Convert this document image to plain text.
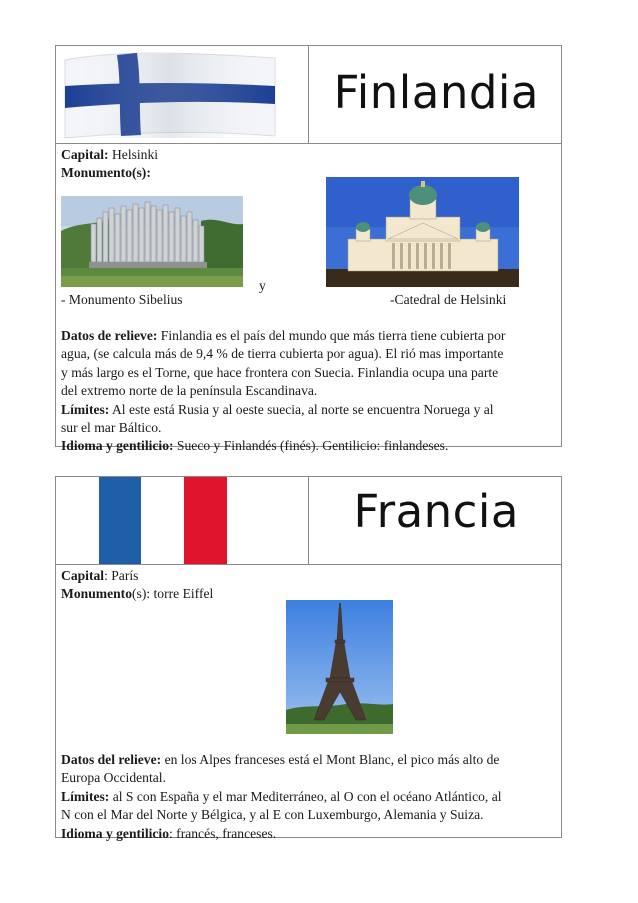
Finlandia
Capital: Helsinki
Monumento(s):
y
- Monumento Sibelius	-Catedral de Helsinki

Datos de relieve: Finlandia es el país del mundo que más tierra tiene cubierta por

agua, (se calcula más de 9,4 % de tierra cubierta por agua). El rió mas importante

y más largo es el Torne, que hace frontera con Suecia. Finlandia ocupa una parte

del extremo norte de la península Escandinava.

Límites: Al este está Rusia y al oeste suecia, al norte se encuentra Noruega y al

sur el mar Báltico.

Idioma y gentilicio: Sueco y Finlandés (finés). Gentilicio: finlandeses.

Francia
Capital: París
Monumento(s): torre Eiffel

Datos del relieve: en los Alpes franceses está el Mont Blanc, el pico más alto de

Europa Occidental.

Límites: al S con España y el mar Mediterráneo, al O con el océano Atlántico, al

N con el Mar del Norte y Bélgica, y al E con Luxemburgo, Alemania y Suiza.

Idioma y gentilicio: francés, franceses.
